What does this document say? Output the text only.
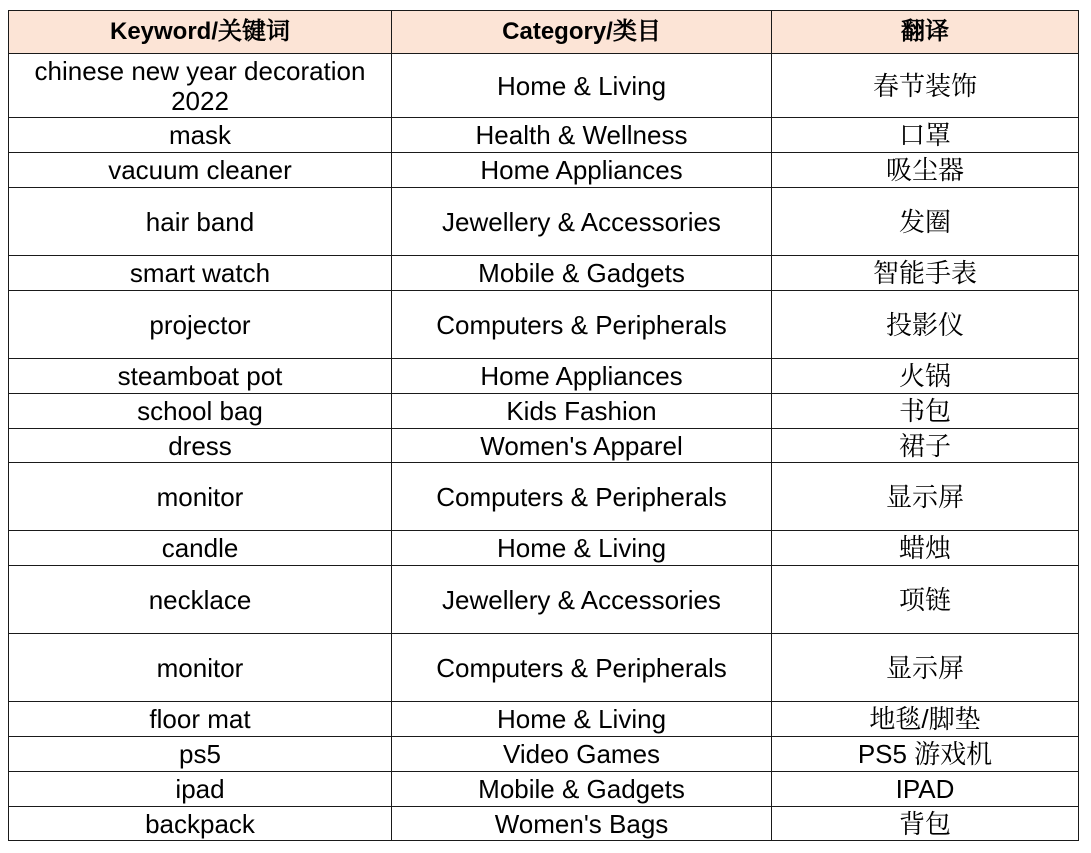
Keyword/关键词	Category/类目	翻译
chinese new year decoration 2022	Home & Living	春节装饰
mask	Health & Wellness	口罩
vacuum cleaner	Home Appliances	吸尘器
hair band	Jewellery & Accessories	发圈
smart watch	Mobile & Gadgets	智能手表
projector	Computers & Peripherals	投影仪
steamboat pot	Home Appliances	火锅
school bag	Kids Fashion	书包
dress	Women's Apparel	裙子
monitor	Computers & Peripherals	显示屏
candle	Home & Living	蜡烛
necklace	Jewellery & Accessories	项链
monitor	Computers & Peripherals	显示屏
floor mat	Home & Living	地毯/脚垫
ps5	Video Games	PS5 游戏机
ipad	Mobile & Gadgets	IPAD
backpack	Women's Bags	背包
